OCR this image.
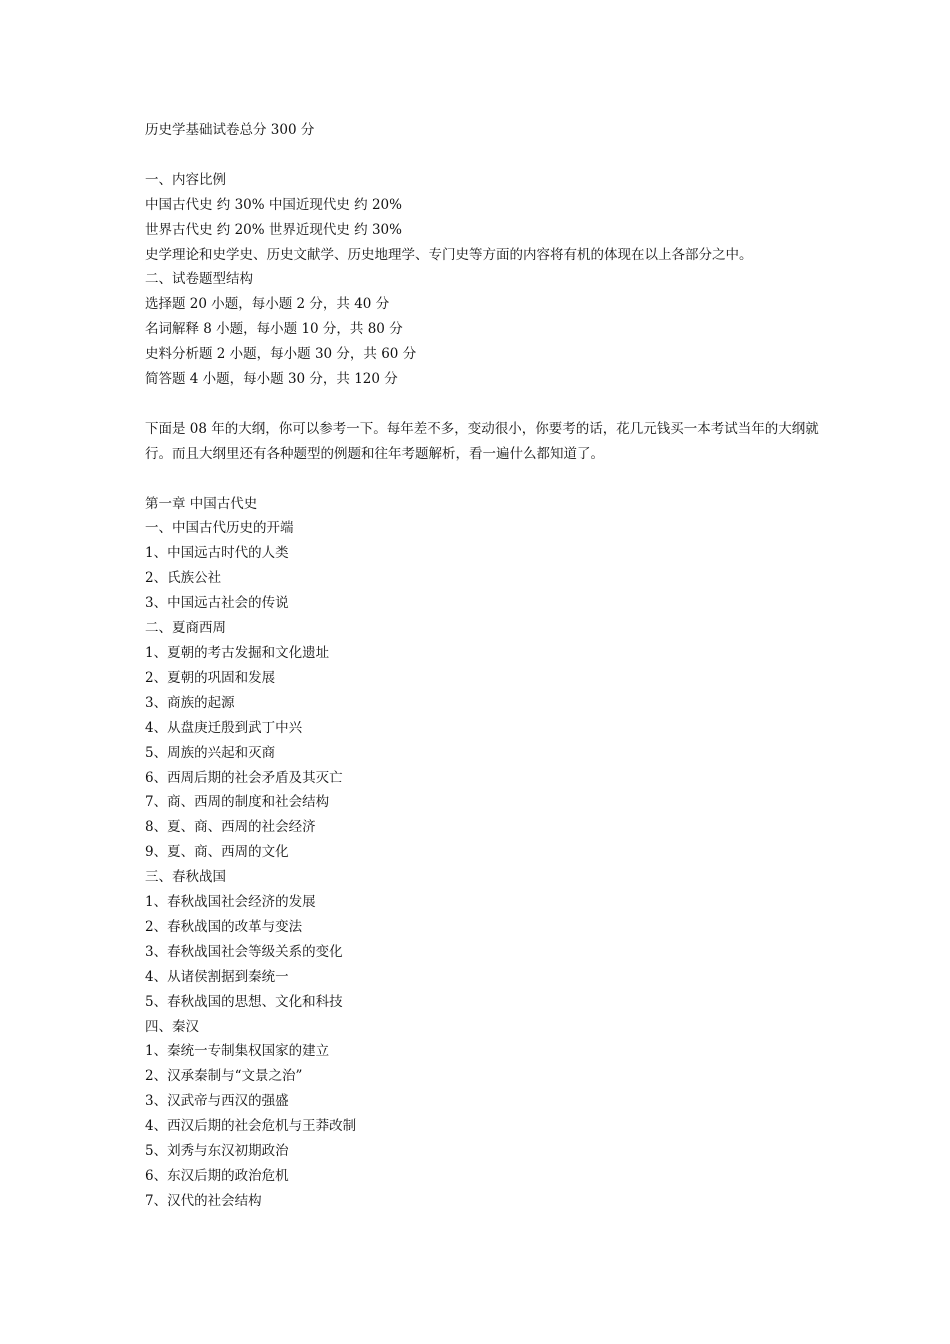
历史学基础试卷总分 300 分

一、内容比例

中国古代史 约 30% 中国近现代史 约 20%

世界古代史 约 20% 世界近现代史 约 30%

史学理论和史学史、历史文献学、历史地理学、专门史等方面的内容将有机的体现在以上各部分之中。

二、试卷题型结构

选择题 20 小题，每小题 2 分，共 40 分

名词解释 8 小题，每小题 10 分，共 80 分

史料分析题 2 小题，每小题 30 分，共 60 分

简答题 4 小题，每小题 30 分，共 120 分

下面是 08 年的大纲，你可以参考一下。每年差不多，变动很小，你要考的话，花几元钱买一本考试当年的大纲就行。而且大纲里还有各种题型的例题和往年考题解析，看一遍什么都知道了。

第一章 中国古代史

一、中国古代历史的开端

1、中国远古时代的人类

2、氏族公社

3、中国远古社会的传说

二、夏商西周

1、夏朝的考古发掘和文化遗址

2、夏朝的巩固和发展

3、商族的起源

4、从盘庚迁殷到武丁中兴

5、周族的兴起和灭商

6、西周后期的社会矛盾及其灭亡

7、商、西周的制度和社会结构

8、夏、商、西周的社会经济

9、夏、商、西周的文化

三、春秋战国

1、春秋战国社会经济的发展

2、春秋战国的改革与变法

3、春秋战国社会等级关系的变化

4、从诸侯割据到秦统一

5、春秋战国的思想、文化和科技

四、秦汉

1、秦统一专制集权国家的建立

2、汉承秦制与“文景之治”

3、汉武帝与西汉的强盛

4、西汉后期的社会危机与王莽改制

5、刘秀与东汉初期政治

6、东汉后期的政治危机

7、汉代的社会结构
